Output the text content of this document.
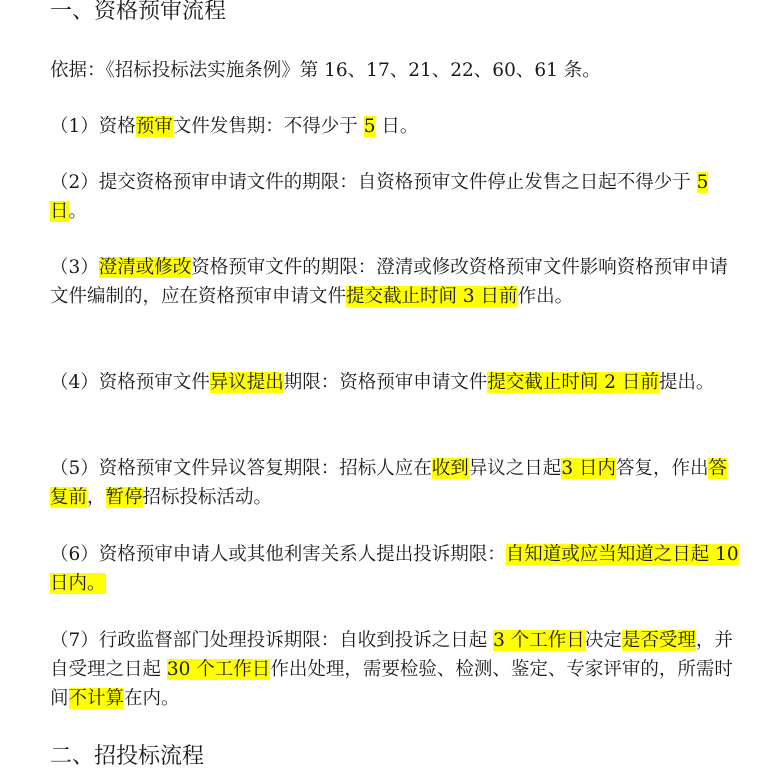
一、资格预审流程

依据：《招标投标法实施条例》第 16、17、21、22、60、61 条。

（1）资格预审文件发售期：不得少于 5 日。

（2）提交资格预审申请文件的期限：自资格预审文件停止发售之日起不得少于 5 日。

（3）澄清或修改资格预审文件的期限：澄清或修改资格预审文件影响资格预审申请文件编制的，应在资格预审申请文件提交截止时间 3 日前作出。

（4）资格预审文件异议提出期限：资格预审申请文件提交截止时间 2 日前提出。

（5）资格预审文件异议答复期限：招标人应在收到异议之日起3 日内答复，作出答复前，暂停招标投标活动。

（6）资格预审申请人或其他利害关系人提出投诉期限：自知道或应当知道之日起 10 日内。

（7）行政监督部门处理投诉期限：自收到投诉之日起 3 个工作日决定是否受理，并自受理之日起 30 个工作日作出处理，需要检验、检测、鉴定、专家评审的，所需时间不计算在内。

二、招投标流程
